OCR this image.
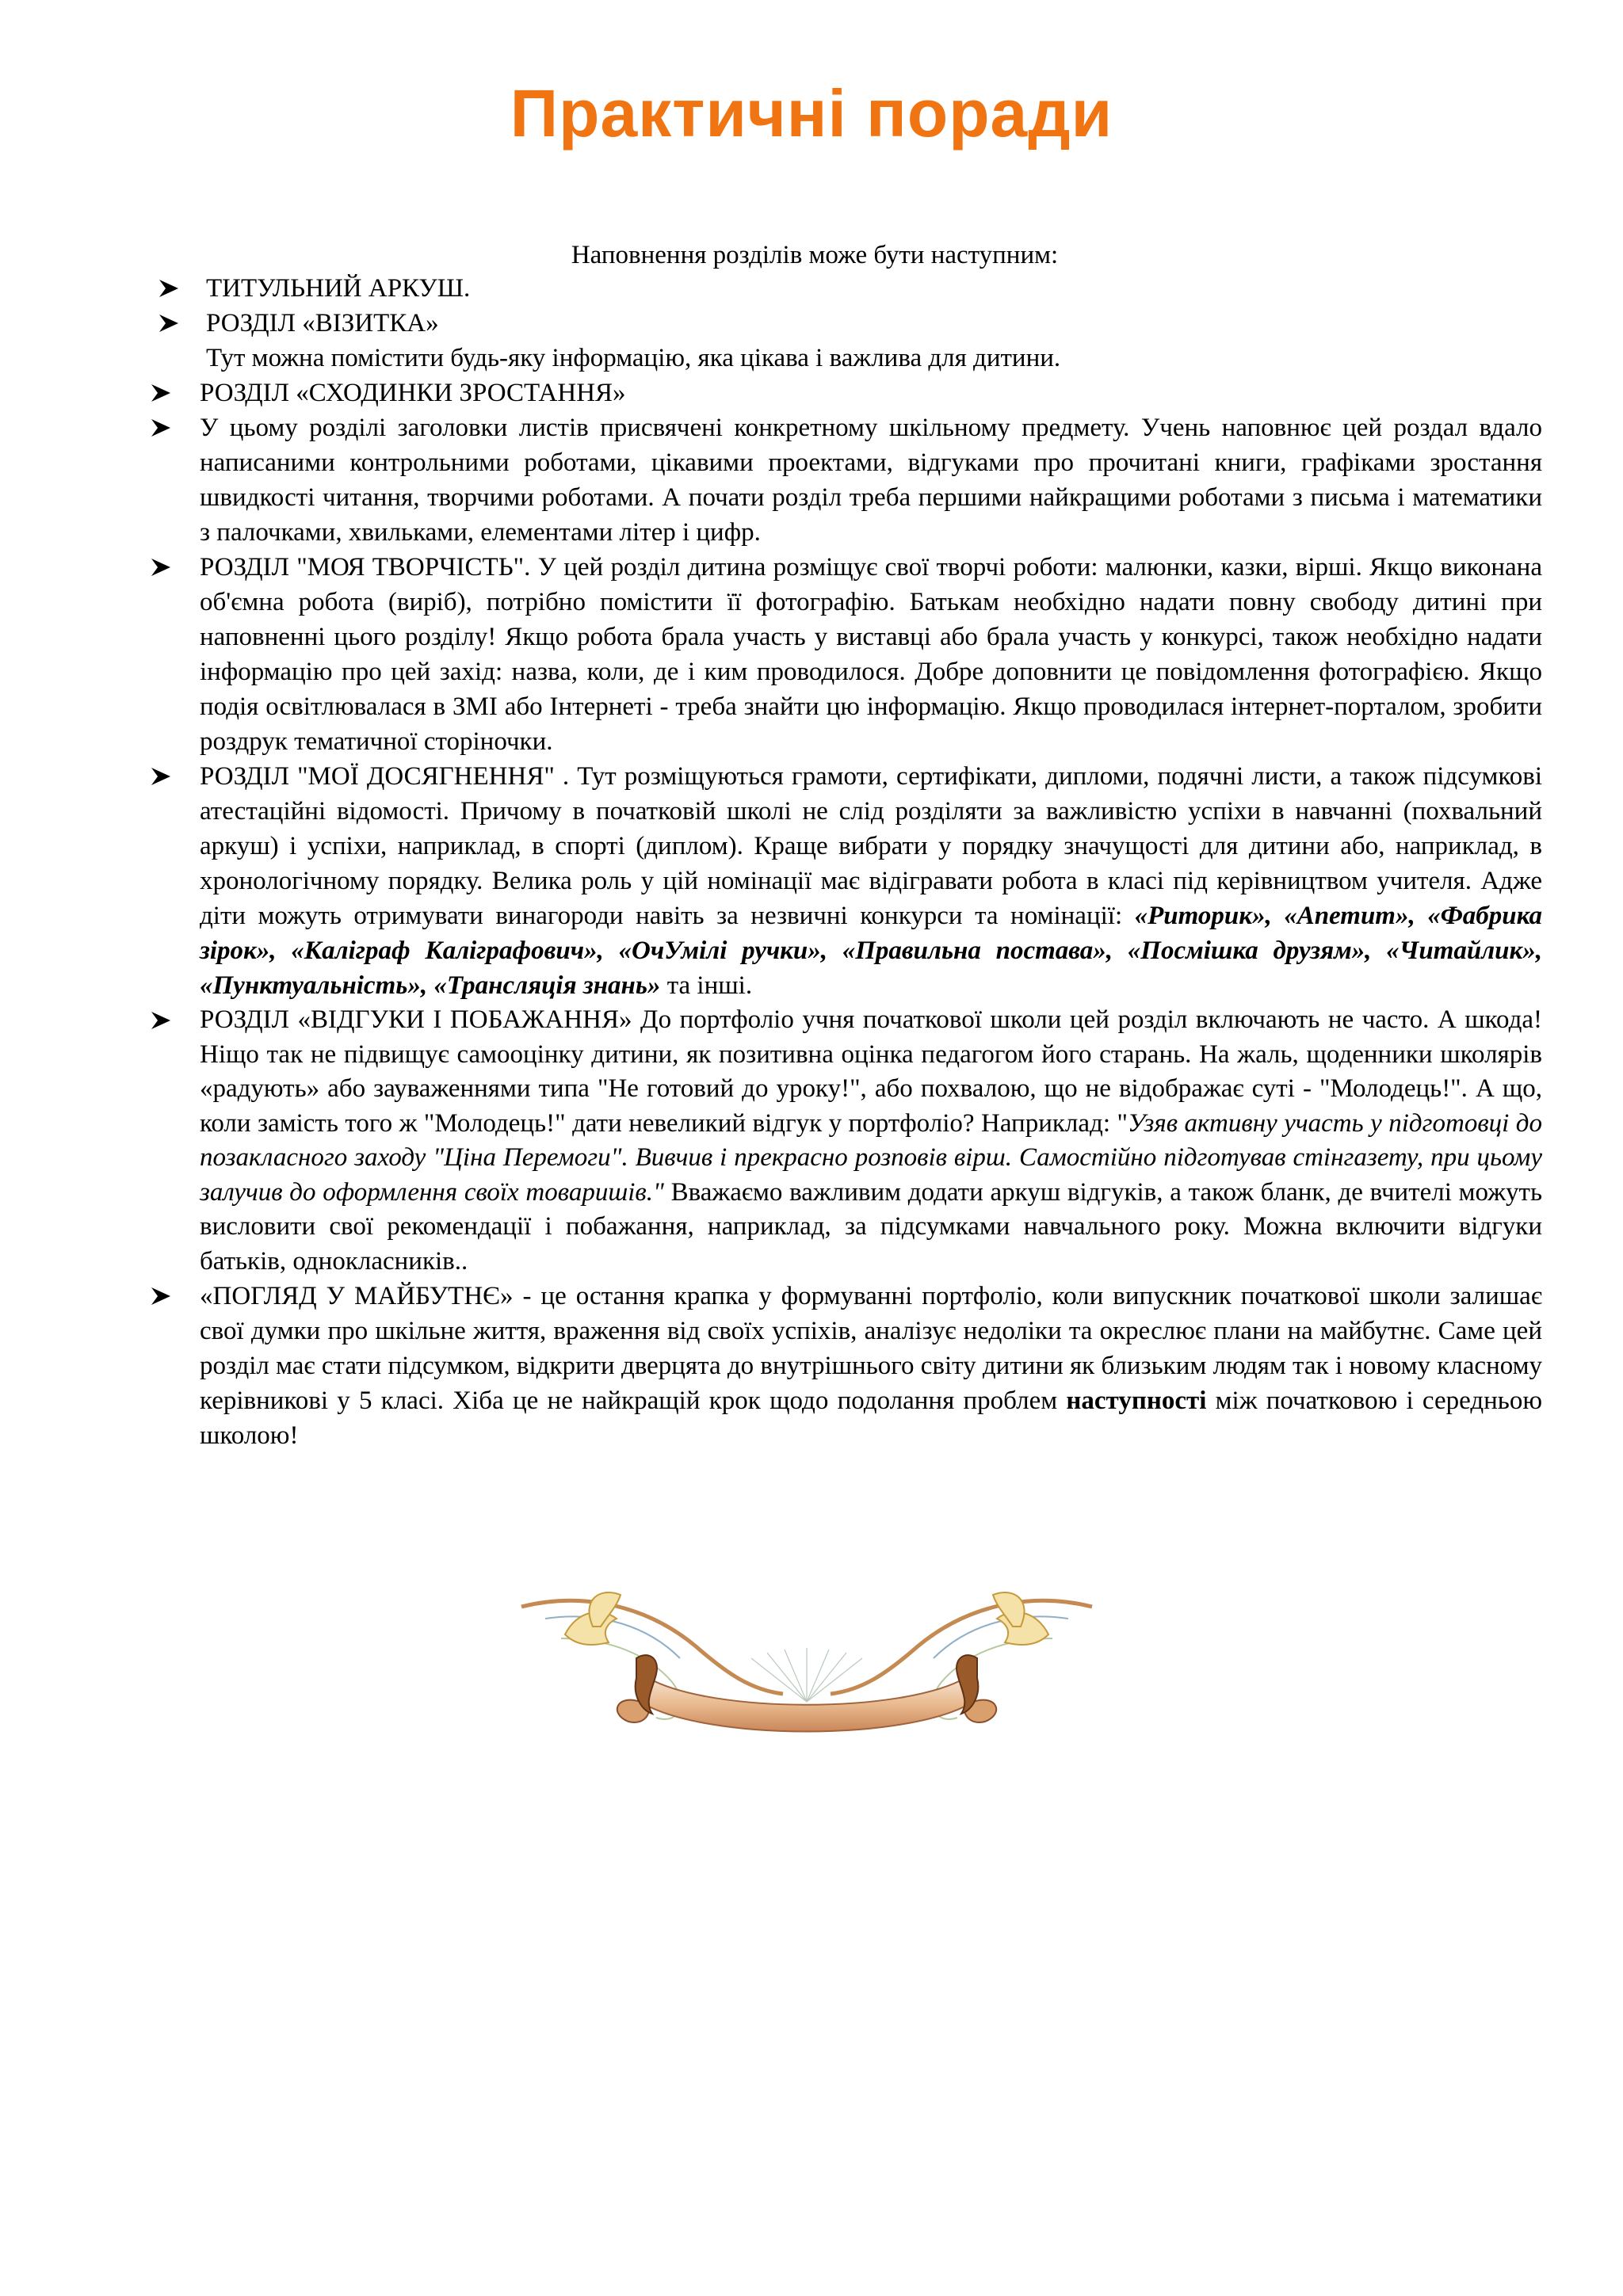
Практичні поради
Наповнення розділів може бути наступним:
ТИТУЛЬНИЙ АРКУШ.
РОЗДІЛ «ВІЗИТКА»
Тут можна помістити будь-яку інформацію, яка цікава і важлива для дитини.
РОЗДІЛ «СХОДИНКИ ЗРОСТАННЯ»
У цьому розділі заголовки листів присвячені конкретному шкільному предмету. Учень наповнює цей роздал вдало написаними контрольними роботами, цікавими проектами, відгуками про прочитані книги, графіками зростання швидкості читання, творчими роботами. А почати розділ треба першими найкращими роботами з письма і математики з палочками, хвильками, елементами літер і цифр.
РОЗДІЛ "МОЯ ТВОРЧІСТЬ". У цей розділ дитина розміщує свої творчі роботи: малюнки, казки, вірші. Якщо виконана об'ємна робота (виріб), потрібно помістити її фотографію. Батькам необхідно надати повну свободу дитині при наповненні цього розділу! Якщо робота брала участь у виставці або брала участь у конкурсі, також необхідно надати інформацію про цей захід: назва, коли, де і ким проводилося. Добре доповнити це повідомлення фотографією. Якщо подія освітлювалася в ЗМІ або Інтернеті - треба знайти цю інформацію. Якщо проводилася інтернет-порталом, зробити роздрук тематичної сторіночки.
РОЗДІЛ "МОЇ ДОСЯГНЕННЯ" . Тут розміщуються грамоти, сертифікати, дипломи, подячні листи, а також підсумкові атестаційні відомості. Причому в початковій школі не слід розділяти за важливістю успіхи в навчанні (похвальний аркуш) і успіхи, наприклад, в спорті (диплом). Краще вибрати у порядку значущості для дитини або, наприклад, в хронологічному порядку. Велика роль у цій номінації має відігравати робота в класі під керівництвом учителя. Адже діти можуть отримувати винагороди навіть за незвичні конкурси та номінації: «Риторик», «Апетит», «Фабрика зірок», «Каліграф Каліграфович», «ОчУмілі ручки», «Правильна постава», «Посмішка друзям», «Читайлик», «Пунктуальність», «Трансляція знань» та інші.
РОЗДІЛ «ВІДГУКИ І ПОБАЖАННЯ» До портфоліо учня початкової школи цей розділ включають не часто. А шкода! Ніщо так не підвищує самооцінку дитини, як позитивна оцінка педагогом його старань. На жаль, щоденники школярів «радують» або зауваженнями типа "Не готовий до уроку!", або похвалою, що не відображає суті - "Молодець!". А що, коли замість того ж "Молодець!" дати невеликий відгук у портфоліо? Наприклад: "Узяв активну участь у підготовці до позакласного заходу "Ціна Перемоги". Вивчив і прекрасно розповів вірш. Самостійно підготував стінгазету, при цьому залучив до оформлення своїх товаришів." Вважаємо важливим додати аркуш відгуків, а також бланк, де вчителі можуть висловити свої рекомендації і побажання, наприклад, за підсумками навчального року. Можна включити відгуки батьків, однокласників..
«ПОГЛЯД У МАЙБУТНЄ» - це остання крапка у формуванні портфоліо, коли випускник початкової школи залишає свої думки про шкільне життя, враження від своїх успіхів, аналізує недоліки та окреслює плани на майбутнє. Саме цей розділ має стати підсумком, відкрити дверцята до внутрішнього світу дитини як близьким людям так і новому класному керівникові у 5 класі. Хіба це не найкращій крок щодо подолання проблем наступності між початковою і середньою школою!
